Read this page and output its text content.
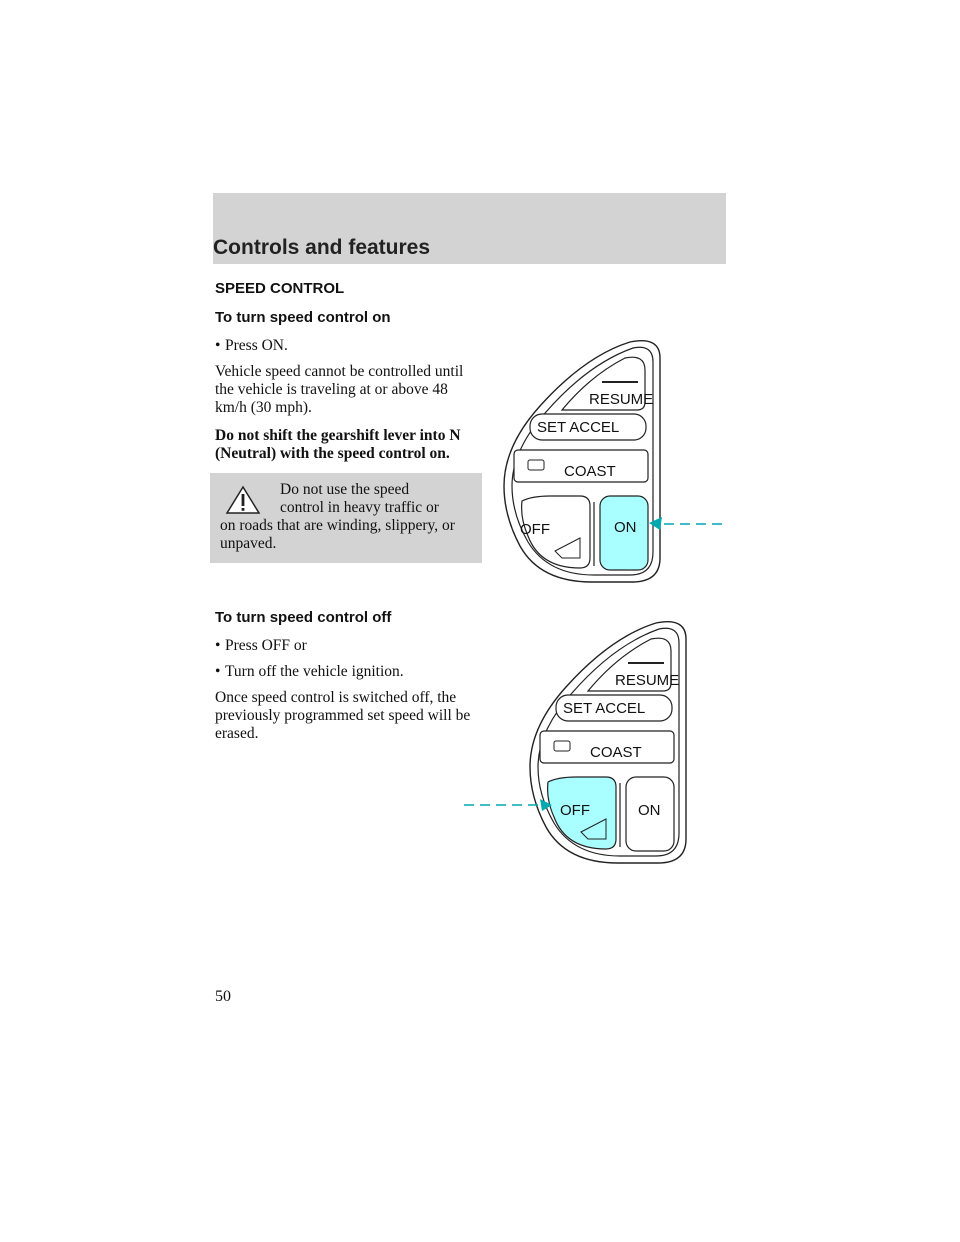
Controls and features
SPEED CONTROL
To turn speed control on
• Press ON.

Vehicle speed cannot be controlled until the vehicle is traveling at or above 48 km/h (30 mph).

Do not shift the gearshift lever into N (Neutral) with the speed control on.

Do not use the speed
control in heavy traffic or
on roads that are winding, slippery, or unpaved.
To turn speed control off
• Press OFF or
• Turn off the vehicle ignition.

Once speed control is switched off, the previously programmed set speed will be erased.

RESUME
SET ACCEL
COAST
OFF	ON
RESUME
SET ACCEL
COAST
OFF	ON
50
